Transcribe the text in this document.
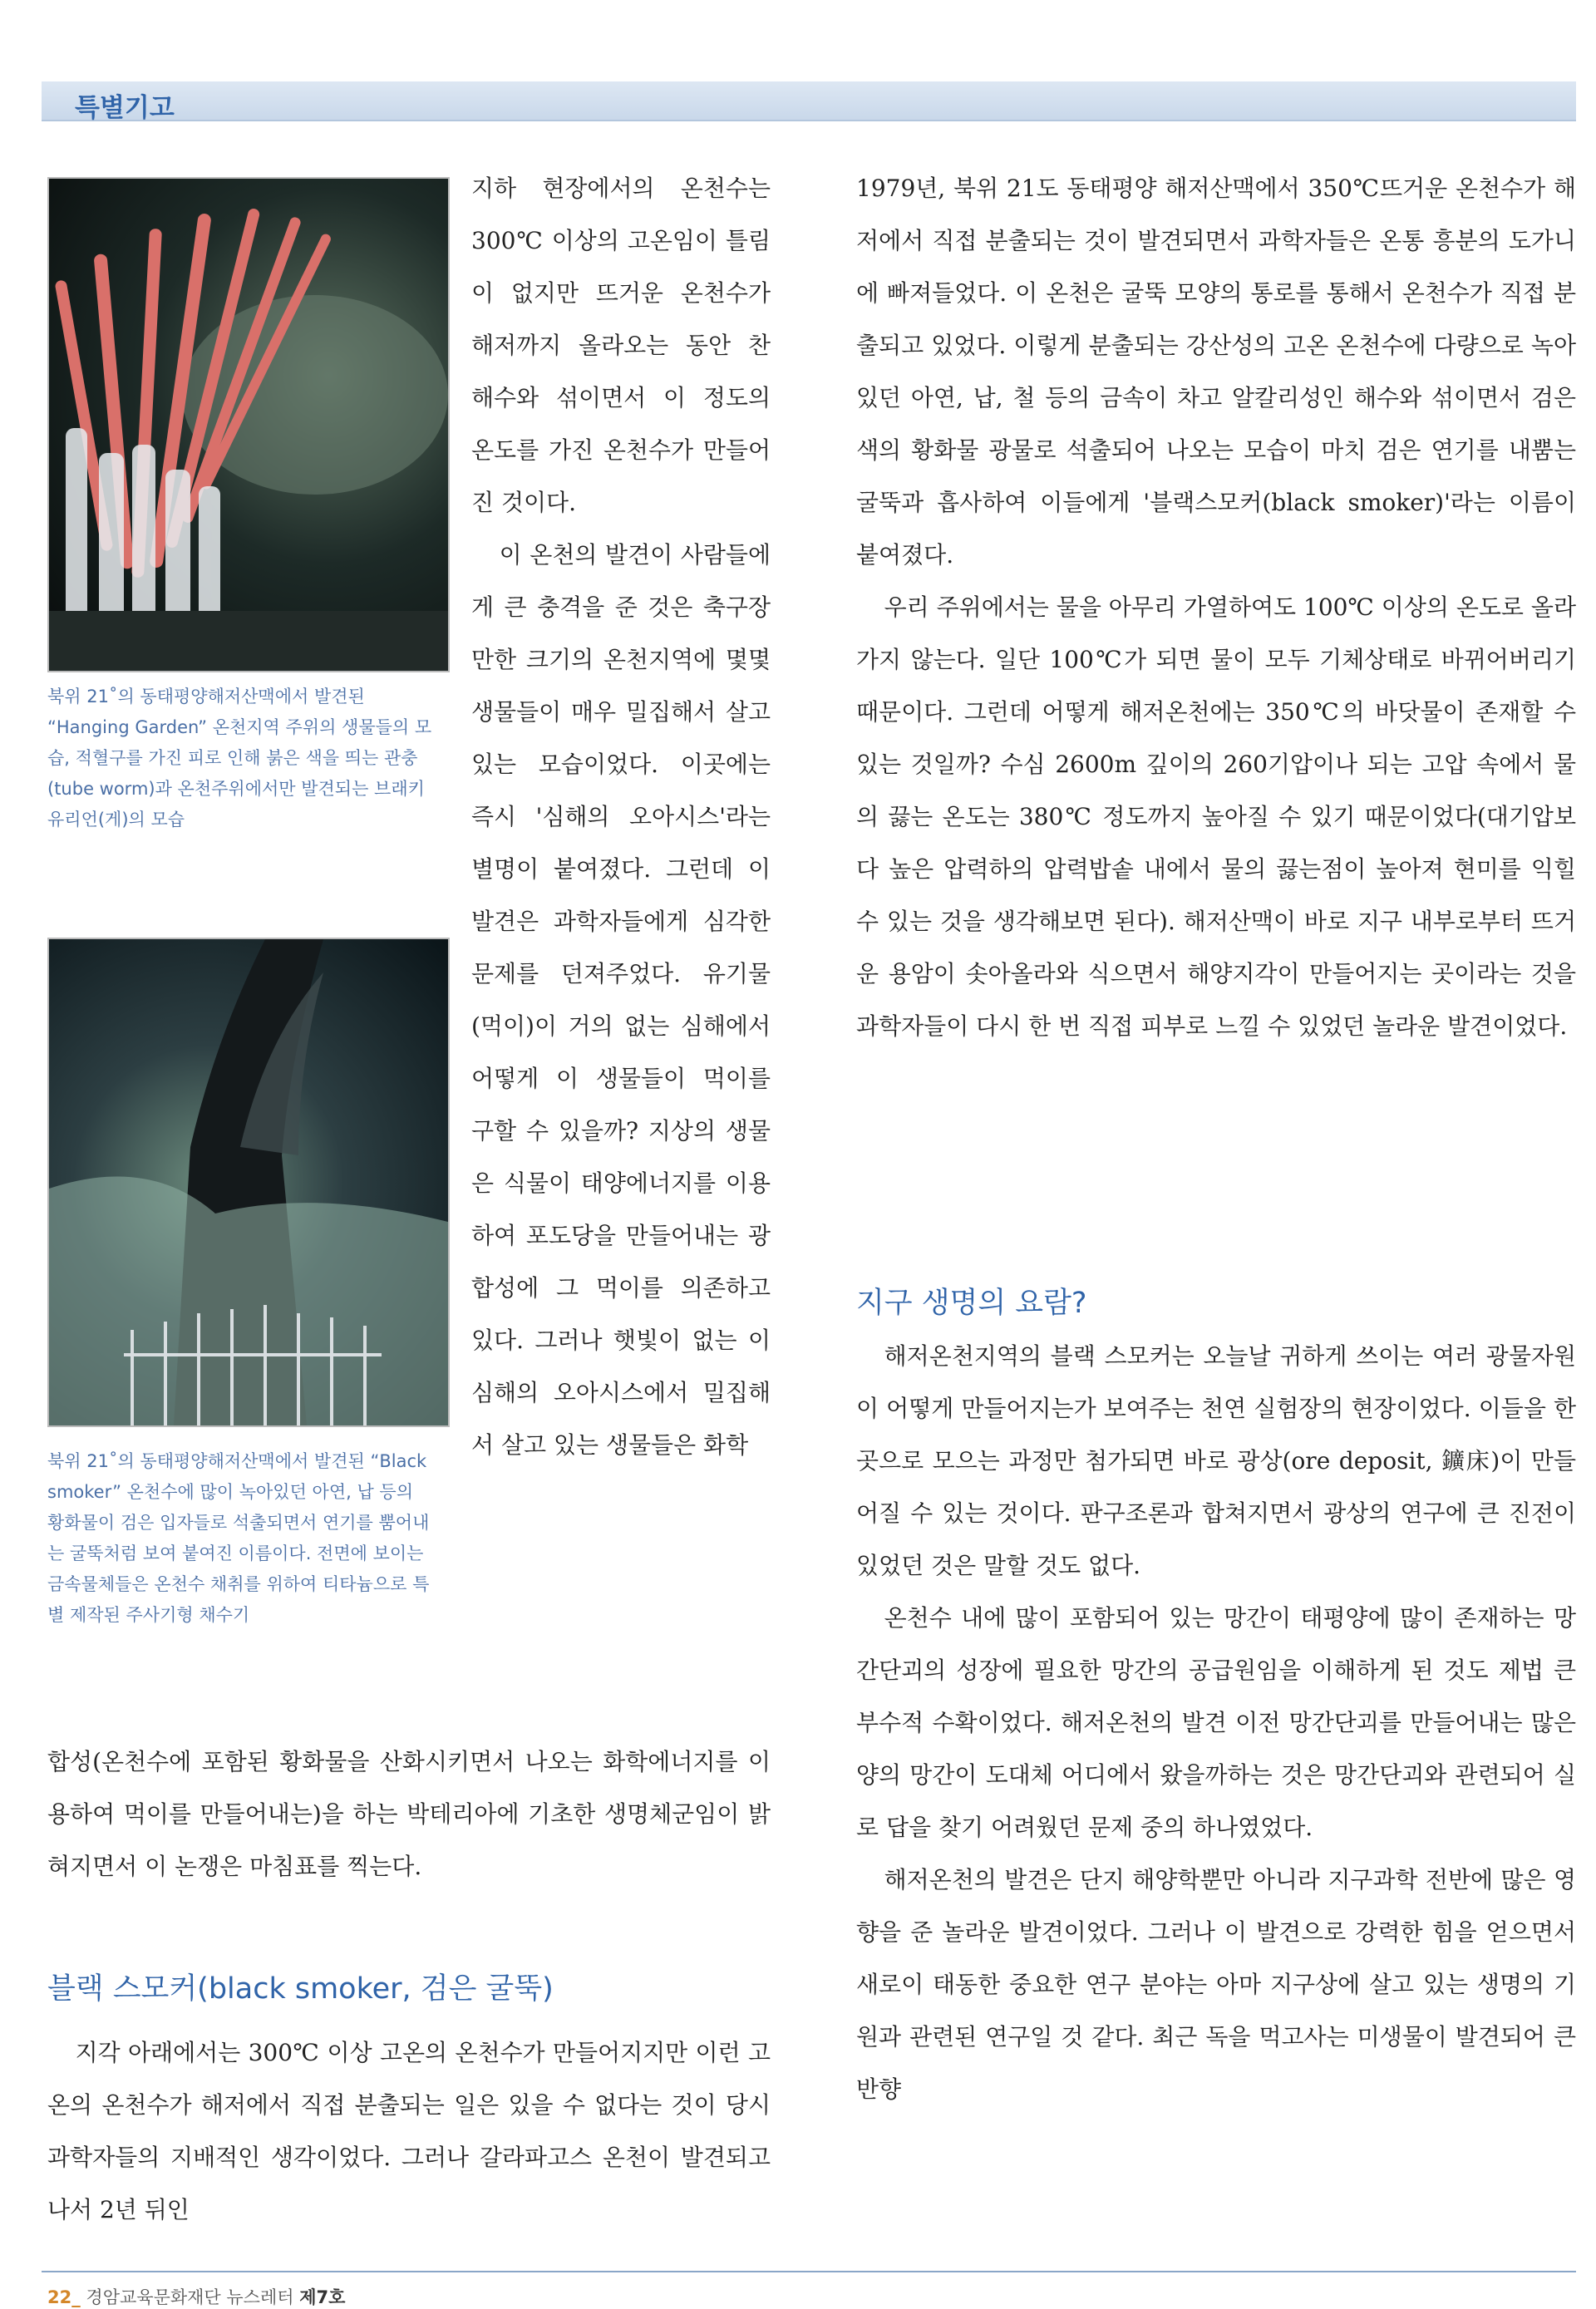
특별기고
북위 21˚의 동태평양해저산맥에서 발견된 “Hanging Garden” 온천지역 주위의 생물들의 모습, 적혈구를 가진 피로 인해 붉은 색을 띄는 관충(tube worm)과 온천주위에서만 발견되는 브래키유리언(게)의 모습
북위 21˚의 동태평양해저산맥에서 발견된 “Black smoker” 온천수에 많이 녹아있던 아연, 납 등의 황화물이 검은 입자들로 석출되면서 연기를 뿜어내는 굴뚝처럼 보여 붙여진 이름이다. 전면에 보이는 금속물체들은 온천수 채취를 위하여 티타늄으로 특별 제작된 주사기형 채수기

지하 현장에서의 온천수는 300℃ 이상의 고온임이 틀림이 없지만 뜨거운 온천수가 해저까지 올라오는 동안 찬 해수와 섞이면서 이 정도의 온도를 가진 온천수가 만들어진 것이다.

이 온천의 발견이 사람들에게 큰 충격을 준 것은 축구장만한 크기의 온천지역에 몇몇 생물들이 매우 밀집해서 살고 있는 모습이었다. 이곳에는 즉시 '심해의 오아시스'라는 별명이 붙여졌다. 그런데 이 발견은 과학자들에게 심각한 문제를 던져주었다. 유기물(먹이)이 거의 없는 심해에서 어떻게 이 생물들이 먹이를 구할 수 있을까? 지상의 생물은 식물이 태양에너지를 이용하여 포도당을 만들어내는 광합성에 그 먹이를 의존하고 있다. 그러나 햇빛이 없는 이 심해의 오아시스에서 밀집해서 살고 있는 생물들은 화학

합성(온천수에 포함된 황화물을 산화시키면서 나오는 화학에너지를 이용하여 먹이를 만들어내는)을 하는 박테리아에 기초한 생명체군임이 밝혀지면서 이 논쟁은 마침표를 찍는다.

블랙 스모커(black smoker, 검은 굴뚝)

지각 아래에서는 300℃ 이상 고온의 온천수가 만들어지지만 이런 고온의 온천수가 해저에서 직접 분출되는 일은 있을 수 없다는 것이 당시 과학자들의 지배적인 생각이었다. 그러나 갈라파고스 온천이 발견되고 나서 2년 뒤인

1979년, 북위 21도 동태평양 해저산맥에서 350℃뜨거운 온천수가 해저에서 직접 분출되는 것이 발견되면서 과학자들은 온통 흥분의 도가니에 빠져들었다. 이 온천은 굴뚝 모양의 통로를 통해서 온천수가 직접 분출되고 있었다. 이렇게 분출되는 강산성의 고온 온천수에 다량으로 녹아있던 아연, 납, 철 등의 금속이 차고 알칼리성인 해수와 섞이면서 검은 색의 황화물 광물로 석출되어 나오는 모습이 마치 검은 연기를 내뿜는 굴뚝과 흡사하여 이들에게 '블랙스모커(black smoker)'라는 이름이 붙여졌다.

우리 주위에서는 물을 아무리 가열하여도 100℃ 이상의 온도로 올라가지 않는다. 일단 100℃가 되면 물이 모두 기체상태로 바뀌어버리기 때문이다. 그런데 어떻게 해저온천에는 350℃의 바닷물이 존재할 수 있는 것일까? 수심 2600m 깊이의 260기압이나 되는 고압 속에서 물의 끓는 온도는 380℃ 정도까지 높아질 수 있기 때문이었다(대기압보다 높은 압력하의 압력밥솥 내에서 물의 끓는점이 높아져 현미를 익힐 수 있는 것을 생각해보면 된다). 해저산맥이 바로 지구 내부로부터 뜨거운 용암이 솟아올라와 식으면서 해양지각이 만들어지는 곳이라는 것을 과학자들이 다시 한 번 직접 피부로 느낄 수 있었던 놀라운 발견이었다.

지구 생명의 요람?

해저온천지역의 블랙 스모커는 오늘날 귀하게 쓰이는 여러 광물자원이 어떻게 만들어지는가 보여주는 천연 실험장의 현장이었다. 이들을 한곳으로 모으는 과정만 첨가되면 바로 광상(ore deposit, 鑛床)이 만들어질 수 있는 것이다. 판구조론과 합쳐지면서 광상의 연구에 큰 진전이 있었던 것은 말할 것도 없다.

온천수 내에 많이 포함되어 있는 망간이 태평양에 많이 존재하는 망간단괴의 성장에 필요한 망간의 공급원임을 이해하게 된 것도 제법 큰 부수적 수확이었다. 해저온천의 발견 이전 망간단괴를 만들어내는 많은 양의 망간이 도대체 어디에서 왔을까하는 것은 망간단괴와 관련되어 실로 답을 찾기 어려웠던 문제 중의 하나였었다.

해저온천의 발견은 단지 해양학뿐만 아니라 지구과학 전반에 많은 영향을 준 놀라운 발견이었다. 그러나 이 발견으로 강력한 힘을 얻으면서 새로이 태동한 중요한 연구 분야는 아마 지구상에 살고 있는 생명의 기원과 관련된 연구일 것 같다. 최근 독을 먹고사는 미생물이 발견되어 큰 반향

22_ 경암교육문화재단 뉴스레터 제7호
